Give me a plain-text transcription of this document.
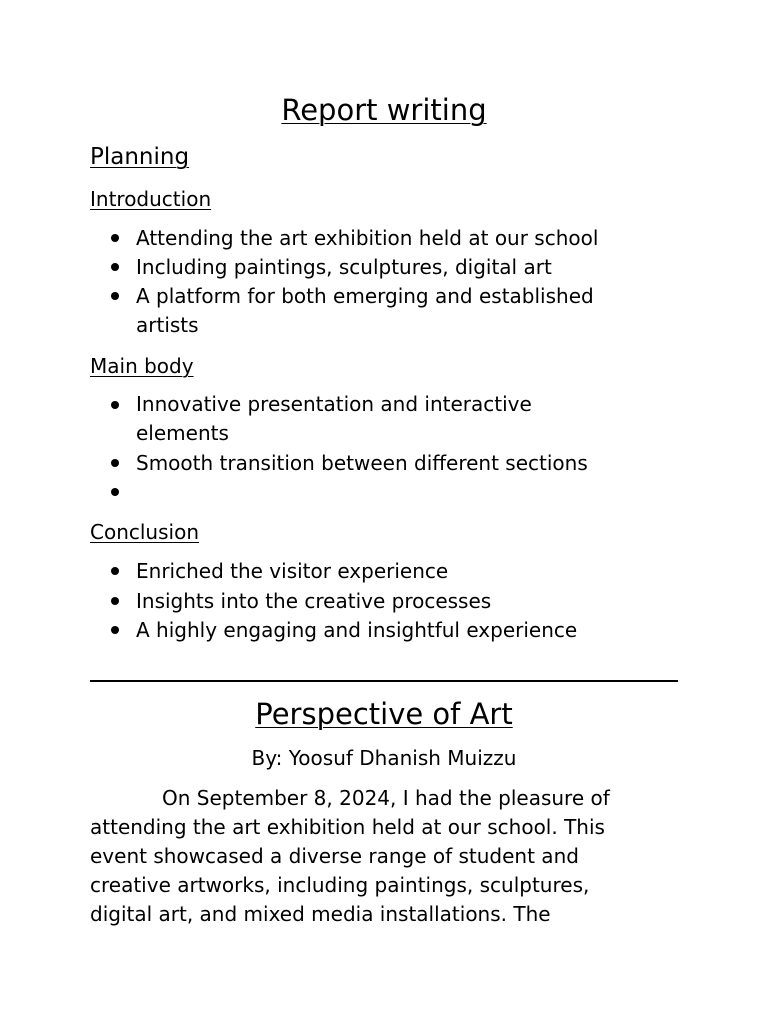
Report writing
Planning
Introduction
Attending the art exhibition held at our school
Including paintings, sculptures, digital art
A platform for both emerging and established
artists
Main body
Innovative presentation and interactive
elements
Smooth transition between different sections
Conclusion
Enriched the visitor experience
Insights into the creative processes
A highly engaging and insightful experience
Perspective of Art
By: Yoosuf Dhanish Muizzu
On September 8, 2024, I had the pleasure of
attending the art exhibition held at our school. This
event showcased a diverse range of student and
creative artworks, including paintings, sculptures,
digital art, and mixed media installations. The
